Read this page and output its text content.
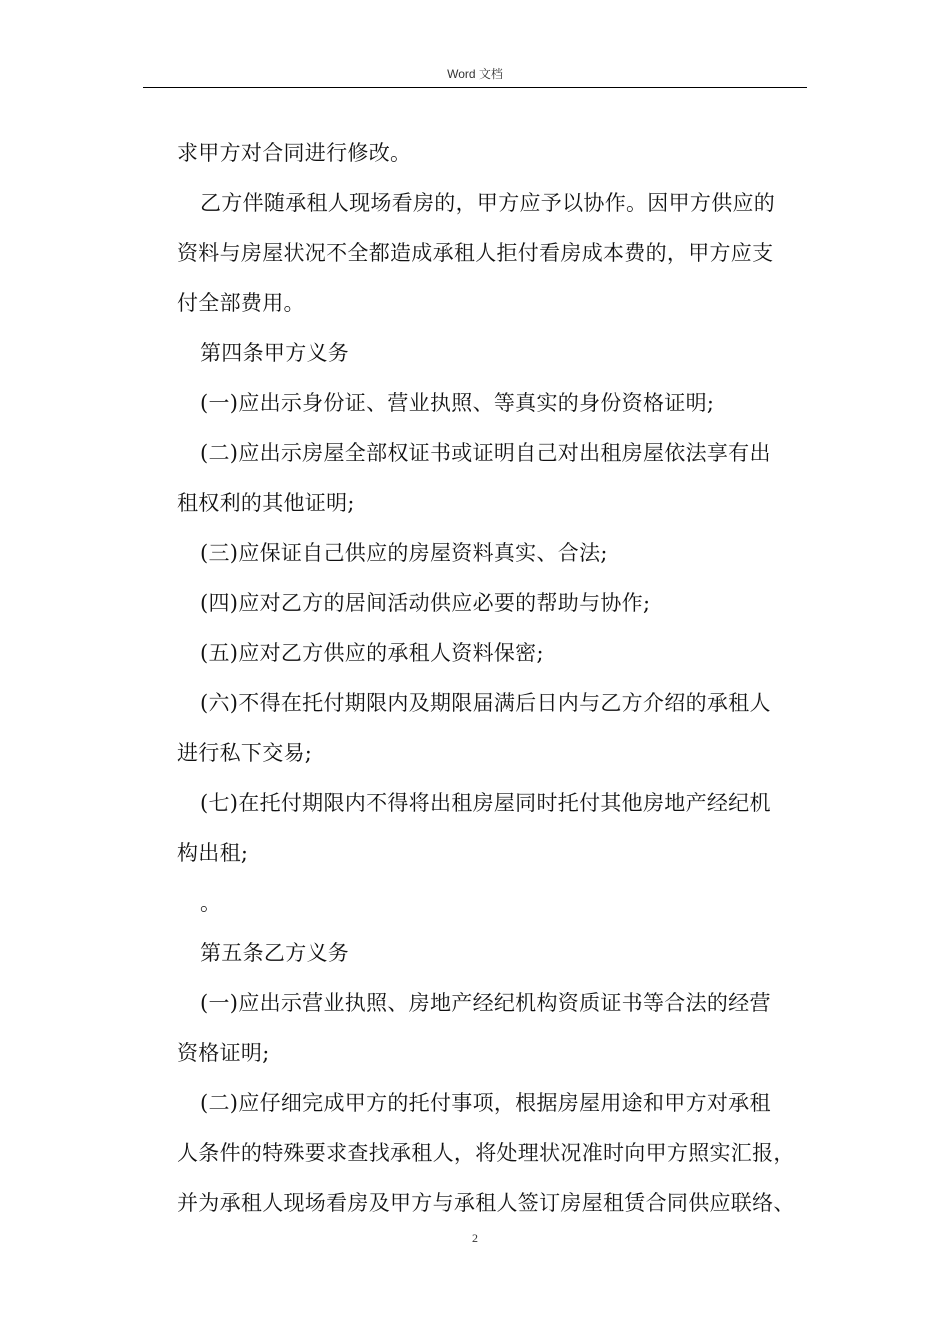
Word 文档
求甲方对合同进行修改。
乙方伴随承租人现场看房的，甲方应予以协作。因甲方供应的
资料与房屋状况不全都造成承租人拒付看房成本费的，甲方应支
付全部费用。
第四条甲方义务
(一)应出示身份证、营业执照、等真实的身份资格证明;
(二)应出示房屋全部权证书或证明自己对出租房屋依法享有出
租权利的其他证明;
(三)应保证自己供应的房屋资料真实、合法;
(四)应对乙方的居间活动供应必要的帮助与协作;
(五)应对乙方供应的承租人资料保密;
(六)不得在托付期限内及期限届满后日内与乙方介绍的承租人
进行私下交易;
(七)在托付期限内不得将出租房屋同时托付其他房地产经纪机
构出租;
。
第五条乙方义务
(一)应出示营业执照、房地产经纪机构资质证书等合法的经营
资格证明;
(二)应仔细完成甲方的托付事项，根据房屋用途和甲方对承租
人条件的特殊要求查找承租人，将处理状况准时向甲方照实汇报，
并为承租人现场看房及甲方与承租人签订房屋租赁合同供应联络、
2
